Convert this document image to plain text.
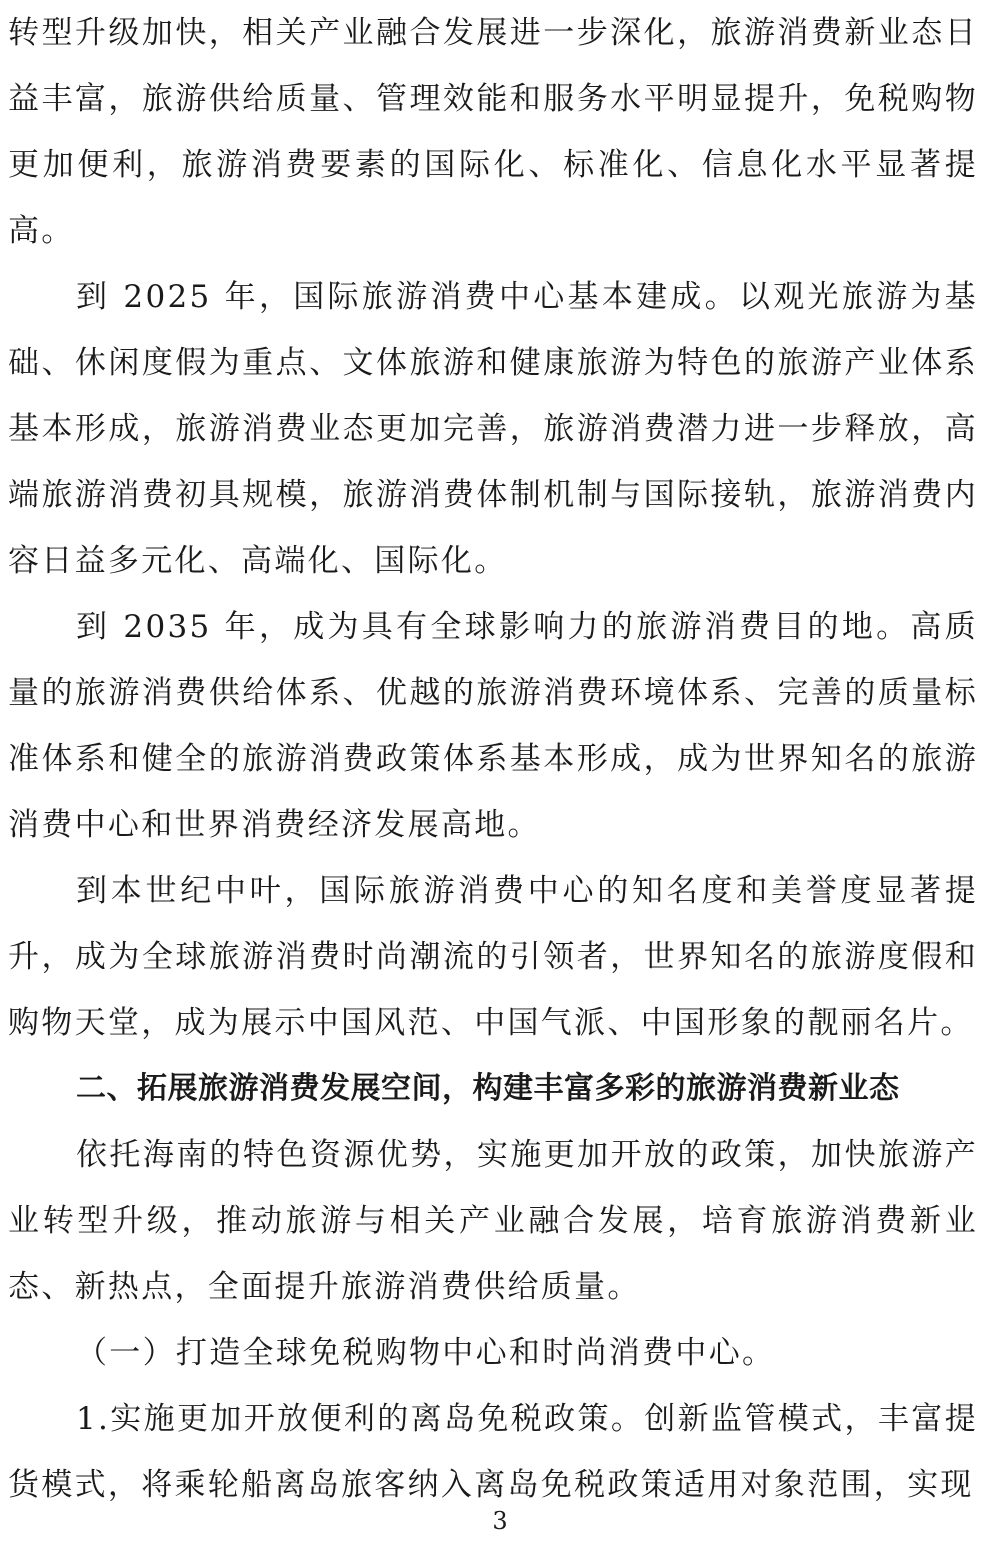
转型升级加快，相关产业融合发展进一步深化，旅游消费新业态日益丰富，旅游供给质量、管理效能和服务水平明显提升，免税购物更加便利，旅游消费要素的国际化、标准化、信息化水平显著提高。

到 2025 年，国际旅游消费中心基本建成。以观光旅游为基础、休闲度假为重点、文体旅游和健康旅游为特色的旅游产业体系基本形成，旅游消费业态更加完善，旅游消费潜力进一步释放，高端旅游消费初具规模，旅游消费体制机制与国际接轨，旅游消费内容日益多元化、高端化、国际化。

到 2035 年，成为具有全球影响力的旅游消费目的地。高质量的旅游消费供给体系、优越的旅游消费环境体系、完善的质量标准体系和健全的旅游消费政策体系基本形成，成为世界知名的旅游消费中心和世界消费经济发展高地。

到本世纪中叶，国际旅游消费中心的知名度和美誉度显著提升，成为全球旅游消费时尚潮流的引领者，世界知名的旅游度假和购物天堂，成为展示中国风范、中国气派、中国形象的靓丽名片。

二、拓展旅游消费发展空间，构建丰富多彩的旅游消费新业态

依托海南的特色资源优势，实施更加开放的政策，加快旅游产业转型升级，推动旅游与相关产业融合发展，培育旅游消费新业态、新热点，全面提升旅游消费供给质量。

（一）打造全球免税购物中心和时尚消费中心。

1.实施更加开放便利的离岛免税政策。创新监管模式，丰富提货模式，将乘轮船离岛旅客纳入离岛免税政策适用对象范围，实现

3
